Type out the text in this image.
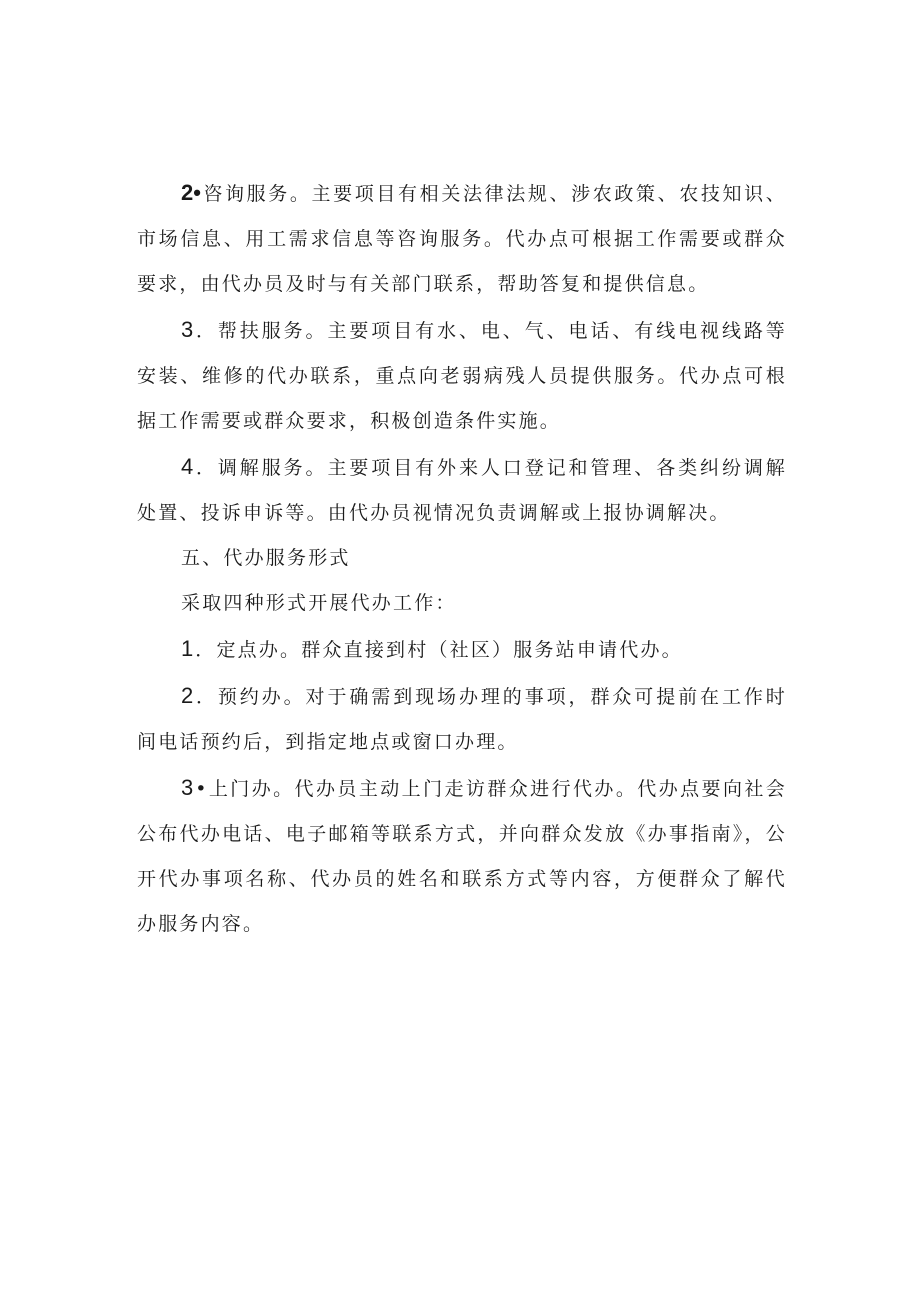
2• 咨询服务。主要项目有相关法律法规、涉农政策、农技知识、市场信息、用工需求信息等咨询服务。代办点可根据工作需要或群众要求，由代办员及时与有关部门联系，帮助答复和提供信息。

3 ．帮扶服务。主要项目有水、电、气、电话、有线电视线路等安装、维修的代办联系，重点向老弱病残人员提供服务。代办点可根据工作需要或群众要求，积极创造条件实施。

4 ．调解服务。主要项目有外来人口登记和管理、各类纠纷调解处置、投诉申诉等。由代办员视情况负责调解或上报协调解决。

五、代办服务形式

采取四种形式开展代办工作：

1 ．定点办。群众直接到村（社区）服务站申请代办。

2 ．预约办。对于确需到现场办理的事项，群众可提前在工作时间电话预约后，到指定地点或窗口办理。

3 •上门办。代办员主动上门走访群众进行代办。代办点要向社会公布代办电话、电子邮箱等联系方式，并向群众发放《办事指南》，公开代办事项名称、代办员的姓名和联系方式等内容，方便群众了解代办服务内容。
